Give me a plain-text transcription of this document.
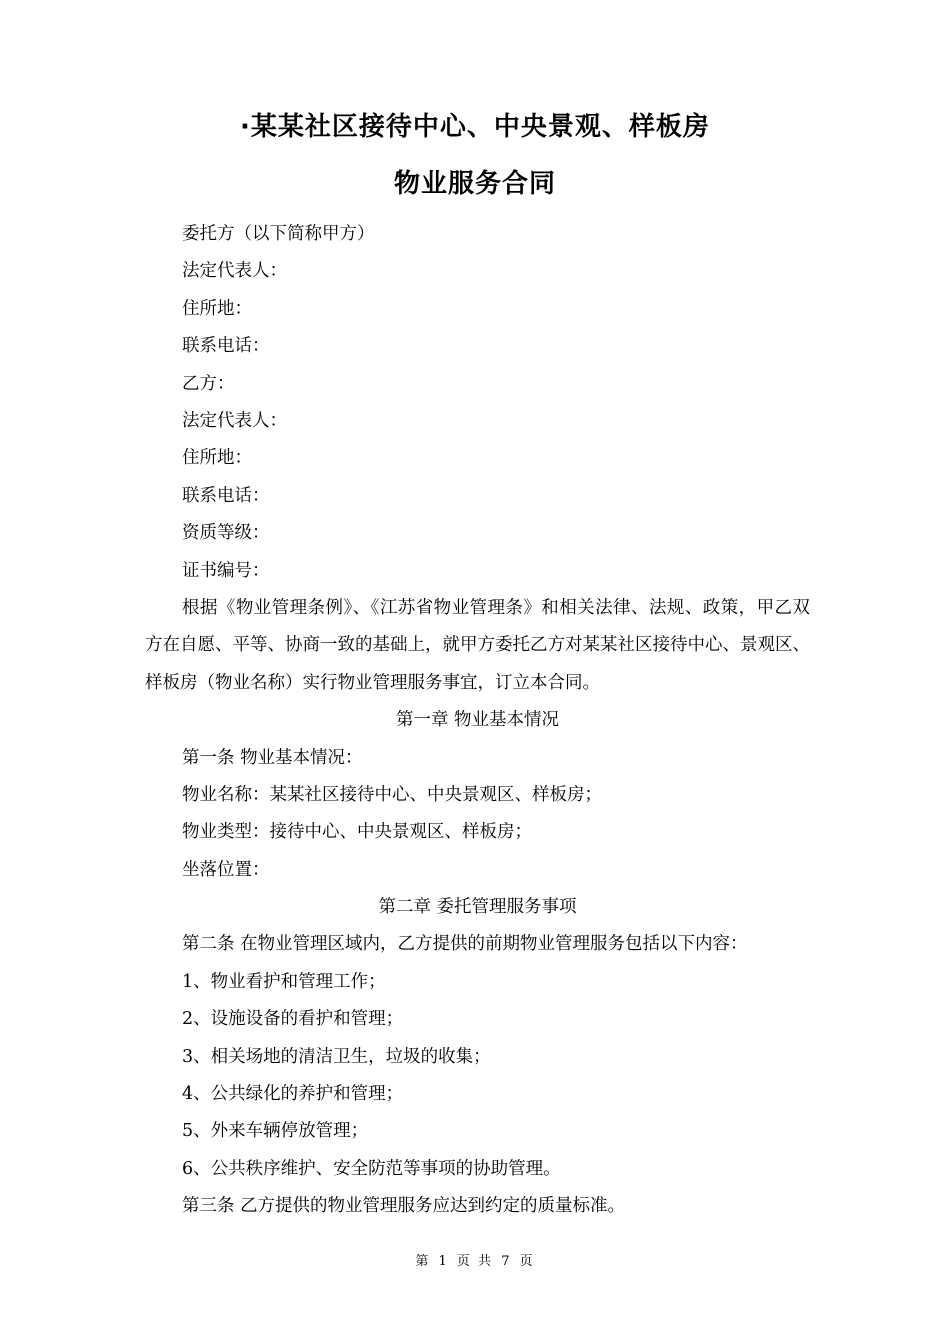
·某某社区接待中心、中央景观、样板房
物业服务合同
委托方（以下简称甲方）
法定代表人：
住所地：
联系电话：
乙方：
法定代表人：
住所地：
联系电话：
资质等级：
证书编号：
根据《物业管理条例》、《江苏省物业管理条》和相关法律、法规、政策，甲乙双方在自愿、平等、协商一致的基础上，就甲方委托乙方对某某社区接待中心、景观区、样板房（物业名称）实行物业管理服务事宜，订立本合同。
第一章 物业基本情况
第一条 物业基本情况：
物业名称：某某社区接待中心、中央景观区、样板房；
物业类型：接待中心、中央景观区、样板房；
坐落位置：
第二章 委托管理服务事项
第二条 在物业管理区域内，乙方提供的前期物业管理服务包括以下内容：
1、物业看护和管理工作；
2、设施设备的看护和管理；
3、相关场地的清洁卫生，垃圾的收集；
4、公共绿化的养护和管理；
5、外来车辆停放管理；
6、公共秩序维护、安全防范等事项的协助管理。
第三条 乙方提供的物业管理服务应达到约定的质量标准。
第 1 页 共 7 页
